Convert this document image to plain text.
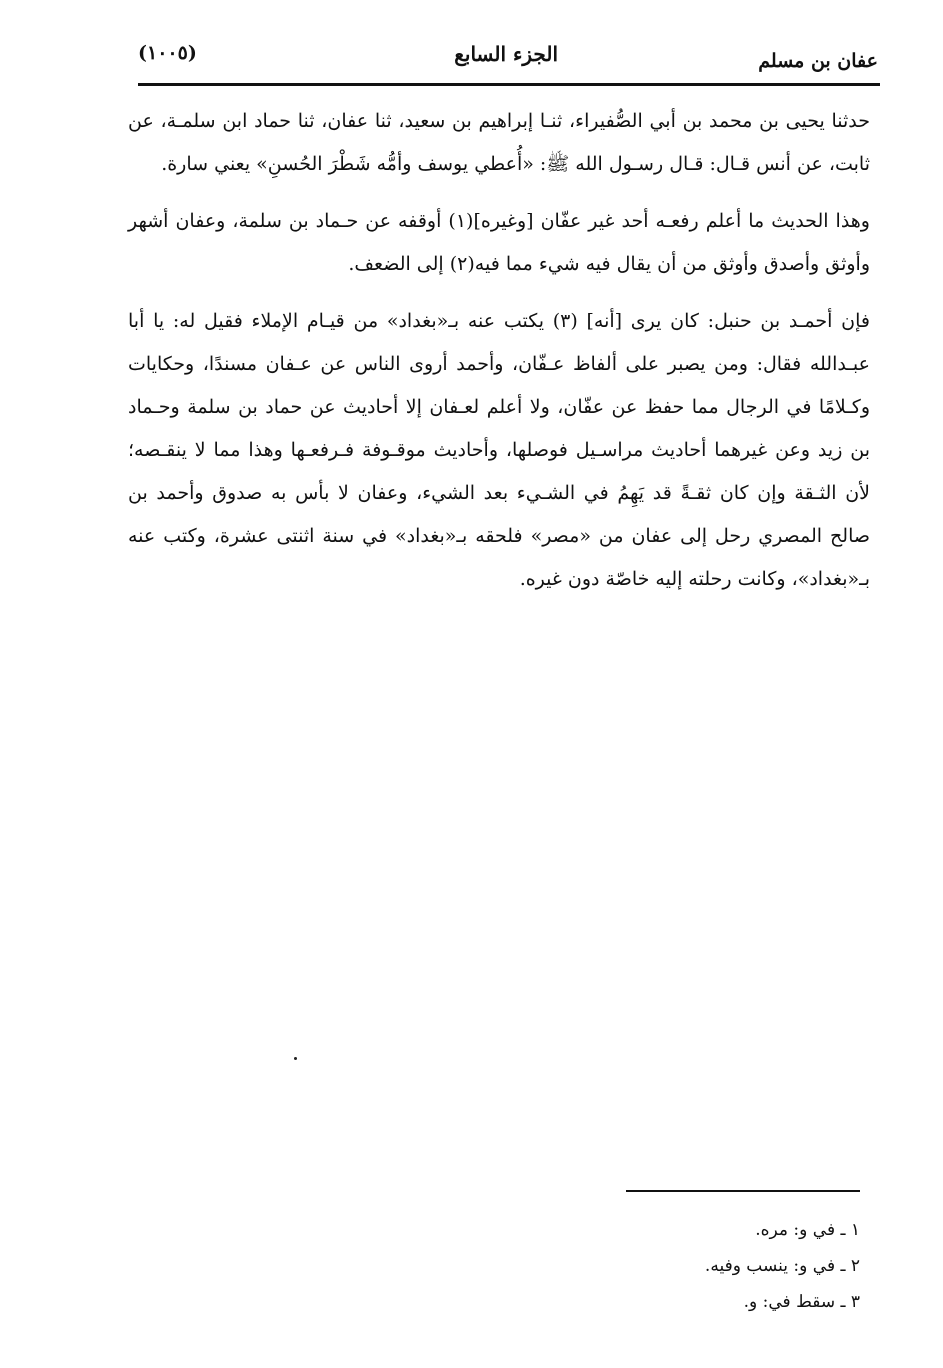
عفان بن مسلم
الجزء السابع
(١٠٠٥)

حدثنا يحيى بن محمد بن أبي الصُّفيراء، ثنـا إبراهيم بن سعيد، ثنا عفان، ثنا حماد ابن سلمـة، عن ثابت، عن أنس قـال: قـال رسـول الله ﷺ: «أُعطي يوسف وأمُّه شَطْرَ الحُسنِ» يعني سارة.

وهذا الحديث ما أعلم رفعـه أحد غير عفّان [وغيره](١) أوقفه عن حـماد بن سلمة، وعفان أشهر وأوثق وأصدق وأوثق من أن يقال فيه شيء مما فيه(٢) إلى الضعف.

فإن أحمـد بن حنبل: كان يرى [أنه] (٣) يكتب عنه بـ«بغداد» من قيـام الإملاء فقيل له: يا أبا عبـدالله فقال: ومن يصبر على ألفاظ عـفّان، وأحمد أروى الناس عن عـفان مسندًا، وحكايات وكـلامًا في الرجال مما حفظ عن عفّان، ولا أعلم لعـفان إلا أحاديث عن حماد بن سلمة وحـماد بن زيد وعن غيرهما أحاديث مراسـيل فوصلها، وأحاديث موقـوفة فـرفعـها وهذا مما لا ينقـصه؛ لأن الثـقة وإن كان ثقـةً قد يَهِمُ في الشـيء بعد الشيء، وعفان لا بأس به صدوق وأحمد بن صالح المصري رحل إلى عفان من «مصر» فلحقه بـ«بغداد» في سنة اثنتى عشرة، وكتب عنه بـ«بغداد»، وكانت رحلته إليه خاصّة دون غيره.

١ ـ في و: مره.
٢ ـ في و: ينسب وفيه.
٣ ـ سقط في: و.
